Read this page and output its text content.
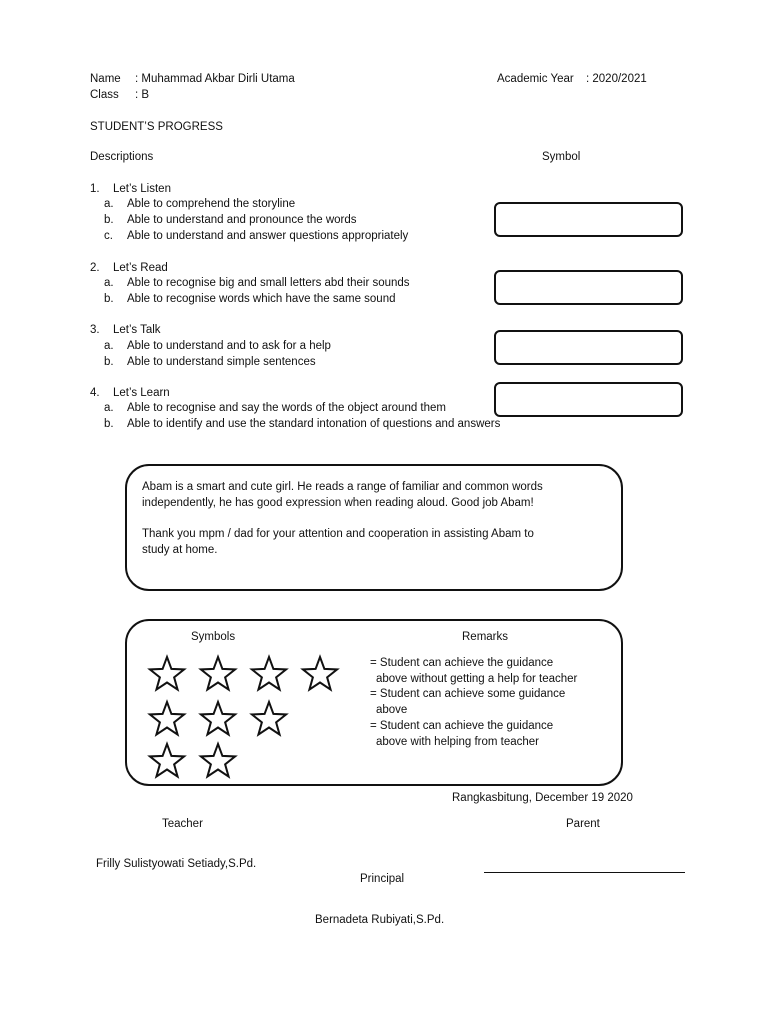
Name : Muhammad Akbar Dirli Utama
Class : B
Academic Year : 2020/2021
STUDENT’S PROGRESS
Descriptions	Symbol
1. Let’s Listen
a. Able to comprehend the storyline
b. Able to understand and pronounce the words
c. Able to understand and answer questions appropriately
2. Let’s Read
a. Able to recognise big and small letters abd their sounds
b. Able to recognise words which have the same sound
3. Let’s Talk
a. Able to understand and to ask for a help
b. Able to understand simple sentences
4. Let’s Learn
a. Able to recognise and say the words of the object around them
b. Able to identify and use the standard intonation of questions and answers
Abam is a smart and cute girl. He reads a range of familiar and common words
independently, he has good expression when reading aloud. Good job Abam!
Thank you mpm / dad for your attention and cooperation in assisting Abam to
study at home.
Symbols	Remarks
= Student can achieve the guidance
above without getting a help for teacher
= Student can achieve some guidance
above
= Student can achieve the guidance
above with helping from teacher
Rangkasbitung, December 19 2020
Teacher	Parent
Frilly Sulistyowati Setiady,S.Pd.
Principal
Bernadeta Rubiyati,S.Pd.
